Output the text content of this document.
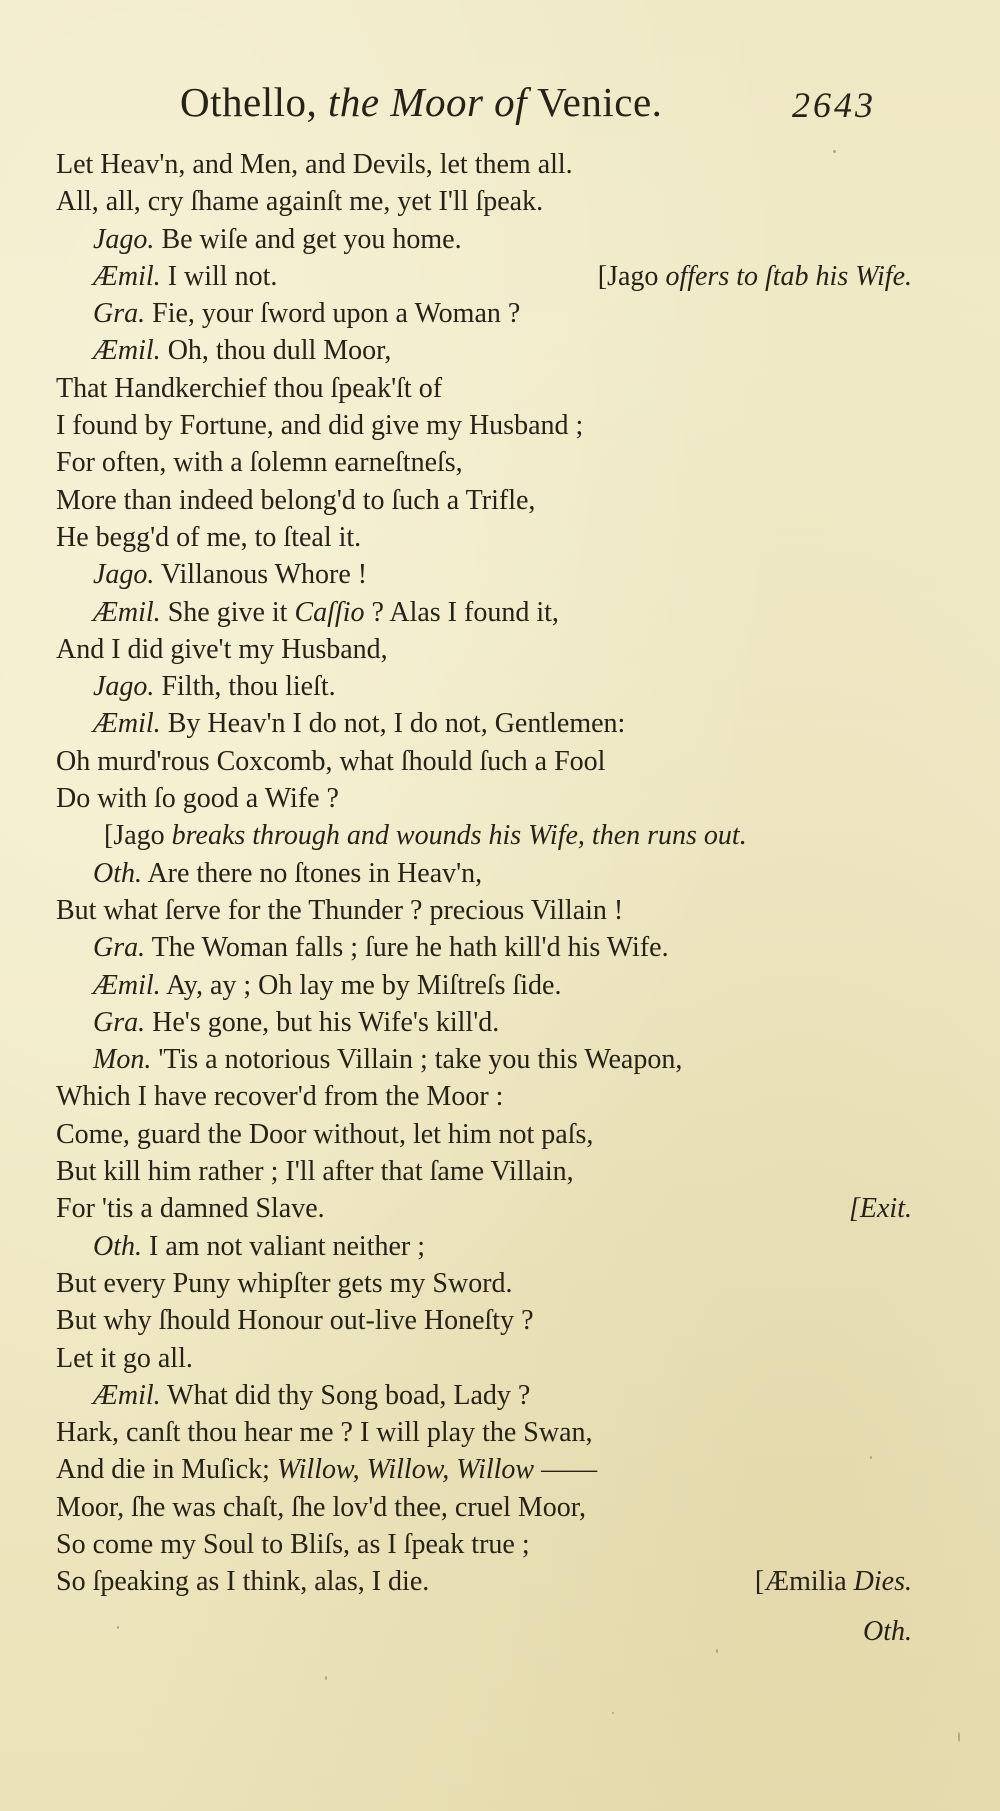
Othello, the Moor of Venice.	2643
Let Heav'n, and Men, and Devils, let them all.
All, all, cry ſhame againſt me, yet I'll ſpeak.
Jago. Be wiſe and get you home.
Æmil. I will not.	[Jago offers to ſtab his Wife.
Gra. Fie, your ſword upon a Woman ?
Æmil. Oh, thou dull Moor,
That Handkerchief thou ſpeak'ſt of
I found by Fortune, and did give my Husband ;
For often, with a ſolemn earneſtneſs,
More than indeed belong'd to ſuch a Trifle,
He begg'd of me, to ſteal it.
Jago. Villanous Whore !
Æmil. She give it Caſſio ? Alas I found it,
And I did give't my Husband,
Jago. Filth, thou lieſt.
Æmil. By Heav'n I do not, I do not, Gentlemen:
Oh murd'rous Coxcomb, what ſhould ſuch a Fool
Do with ſo good a Wife ?
[Jago breaks through and wounds his Wife, then runs out.
Oth. Are there no ſtones in Heav'n,
But what ſerve for the Thunder ? precious Villain !
Gra. The Woman falls ; ſure he hath kill'd his Wife.
Æmil. Ay, ay ; Oh lay me by Miſtreſs ſide.
Gra. He's gone, but his Wife's kill'd.
Mon. 'Tis a notorious Villain ; take you this Weapon,
Which I have recover'd from the Moor :
Come, guard the Door without, let him not paſs,
But kill him rather ; I'll after that ſame Villain,
For 'tis a damned Slave.	[Exit.
Oth. I am not valiant neither ;
But every Puny whipſter gets my Sword.
But why ſhould Honour out-live Honeſty ?
Let it go all.
Æmil. What did thy Song boad, Lady ?
Hark, canſt thou hear me ? I will play the Swan,
And die in Muſick; Willow, Willow, Willow ——
Moor, ſhe was chaſt, ſhe lov'd thee, cruel Moor,
So come my Soul to Bliſs, as I ſpeak true ;
So ſpeaking as I think, alas, I die.	[Æmilia Dies.
Oth.
